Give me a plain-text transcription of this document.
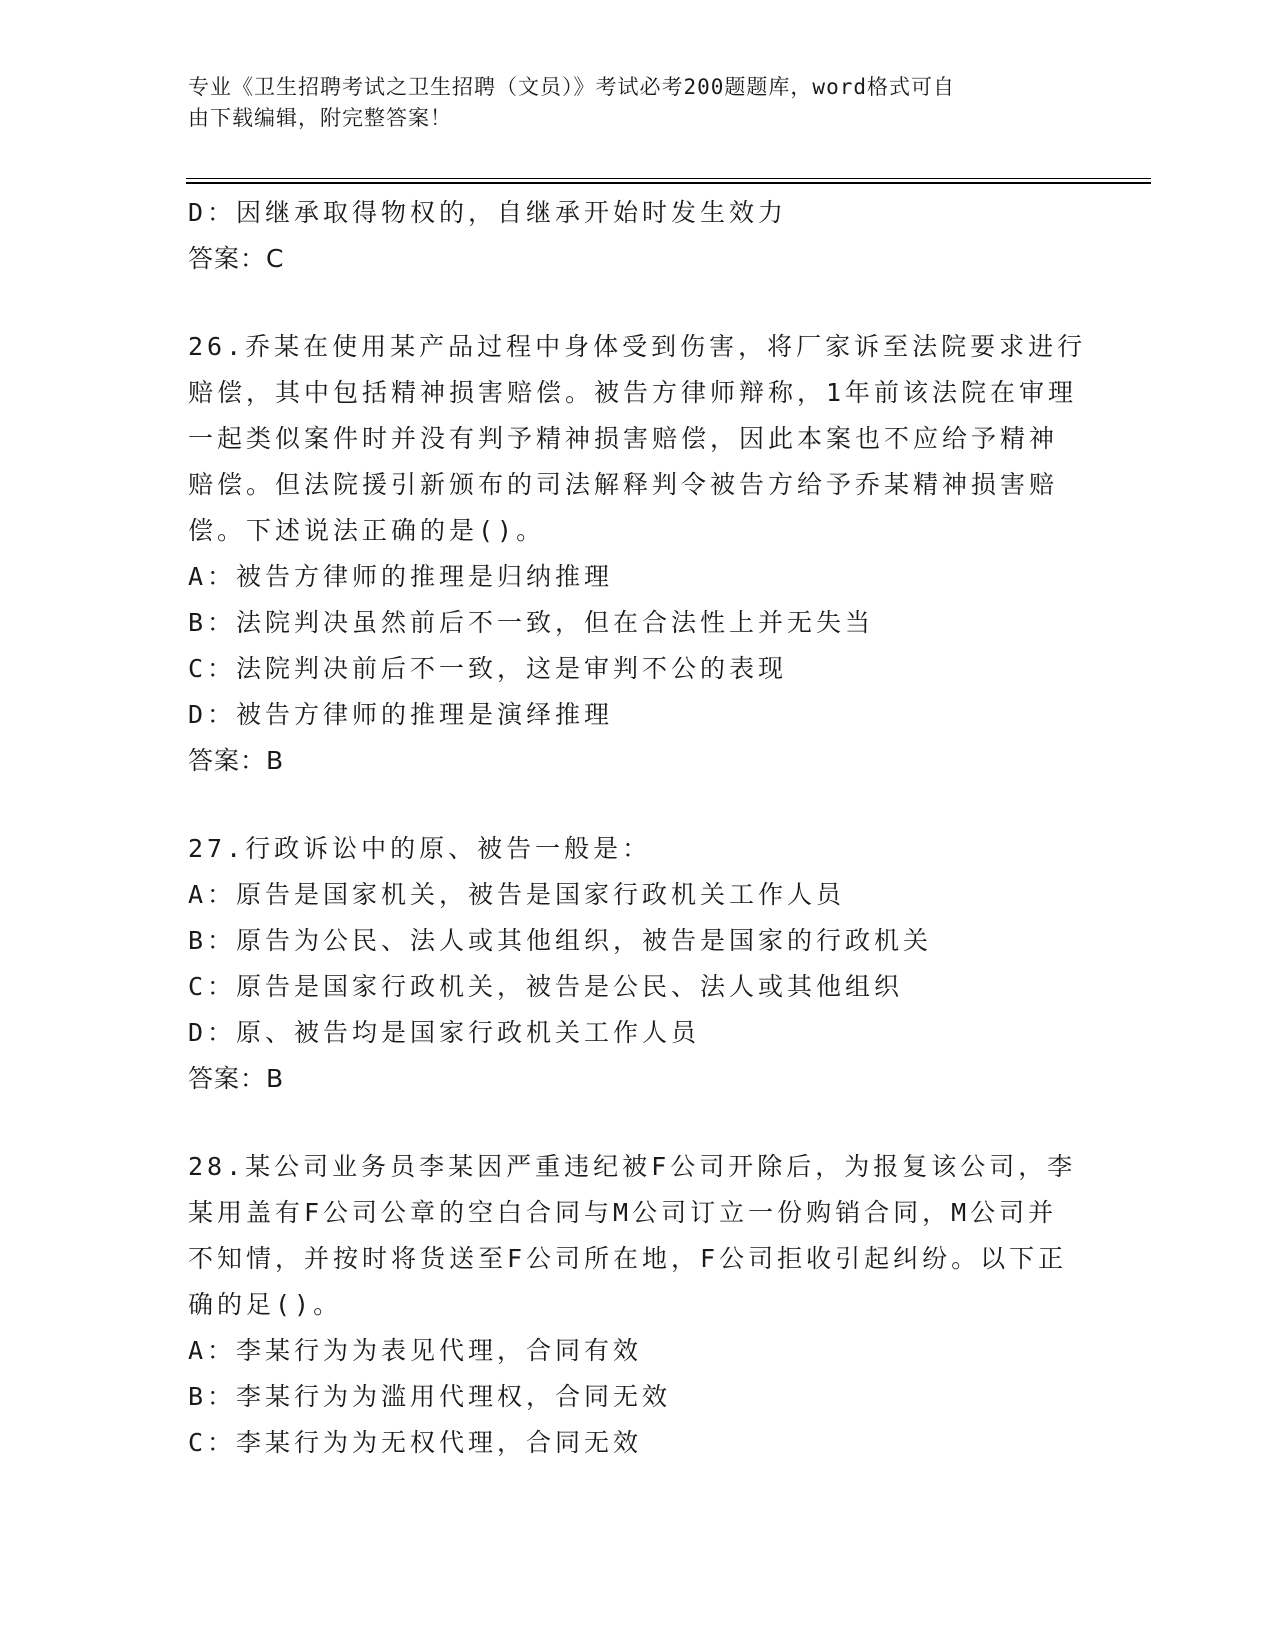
专业《卫生招聘考试之卫生招聘（文员）》考试必考200题题库，word格式可自
由下载编辑，附完整答案！
D：因继承取得物权的，自继承开始时发生效力
答案：C
26.乔某在使用某产品过程中身体受到伤害，将厂家诉至法院要求进行
赔偿，其中包括精神损害赔偿。被告方律师辩称，1年前该法院在审理
一起类似案件时并没有判予精神损害赔偿，因此本案也不应给予精神
赔偿。但法院援引新颁布的司法解释判令被告方给予乔某精神损害赔
偿。下述说法正确的是()。
A：被告方律师的推理是归纳推理
B：法院判决虽然前后不一致，但在合法性上并无失当
C：法院判决前后不一致，这是审判不公的表现
D：被告方律师的推理是演绎推理
答案：B
27.行政诉讼中的原、被告一般是：
A：原告是国家机关，被告是国家行政机关工作人员
B：原告为公民、法人或其他组织，被告是国家的行政机关
C：原告是国家行政机关，被告是公民、法人或其他组织
D：原、被告均是国家行政机关工作人员
答案：B
28.某公司业务员李某因严重违纪被F公司开除后，为报复该公司，李
某用盖有F公司公章的空白合同与M公司订立一份购销合同，M公司并
不知情，并按时将货送至F公司所在地，F公司拒收引起纠纷。以下正
确的足()。
A：李某行为为表见代理，合同有效
B：李某行为为滥用代理权，合同无效
C：李某行为为无权代理，合同无效
